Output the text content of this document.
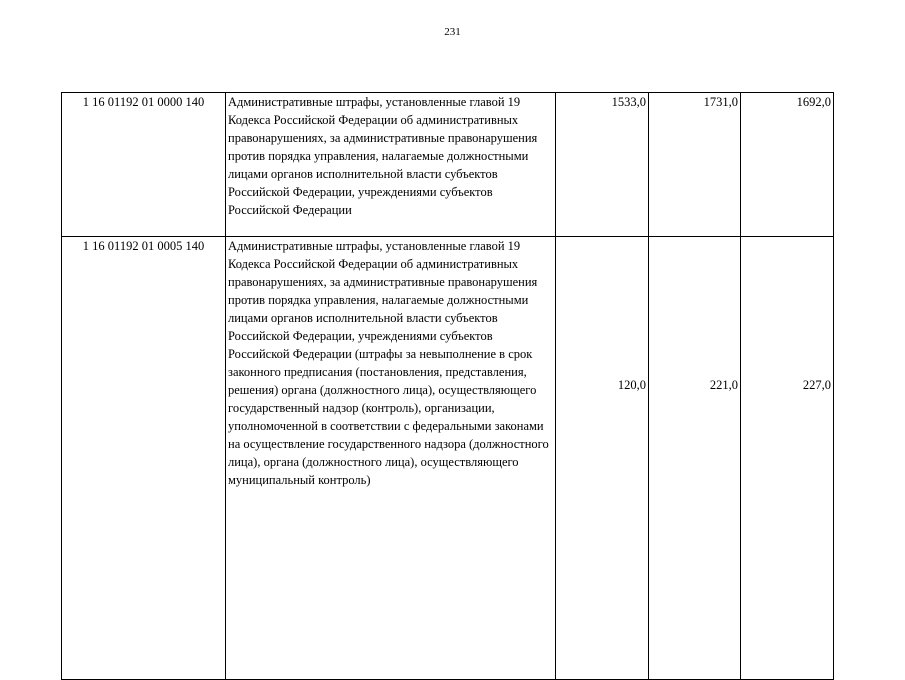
231
1 16 01192 01 0000 140	Административные штрафы, установленные главой 19 Кодекса Российской Федерации об административных правонарушениях, за административные правонарушения против порядка управления, налагаемые должностными лицами органов исполнительной власти субъектов Российской Федерации, учреждениями субъектов Российской Федерации	1533,0	1731,0	1692,0
1 16 01192 01 0005 140	Административные штрафы, установленные главой 19 Кодекса Российской Федерации об административных правонарушениях, за административные правонарушения против порядка управления, налагаемые должностными лицами органов исполнительной власти субъектов Российской Федерации, учреждениями субъектов Российской Федерации (штрафы за невыполнение в срок законного предписания (постановления, представления, решения) органа (должностного лица), осуществляющего государственный надзор (контроль), организации, уполномоченной в соответствии с федеральными законами на осуществление государственного надзора (должностного лица), органа (должностного лица), осуществляющего муниципальный контроль)	120,0	221,0	227,0
